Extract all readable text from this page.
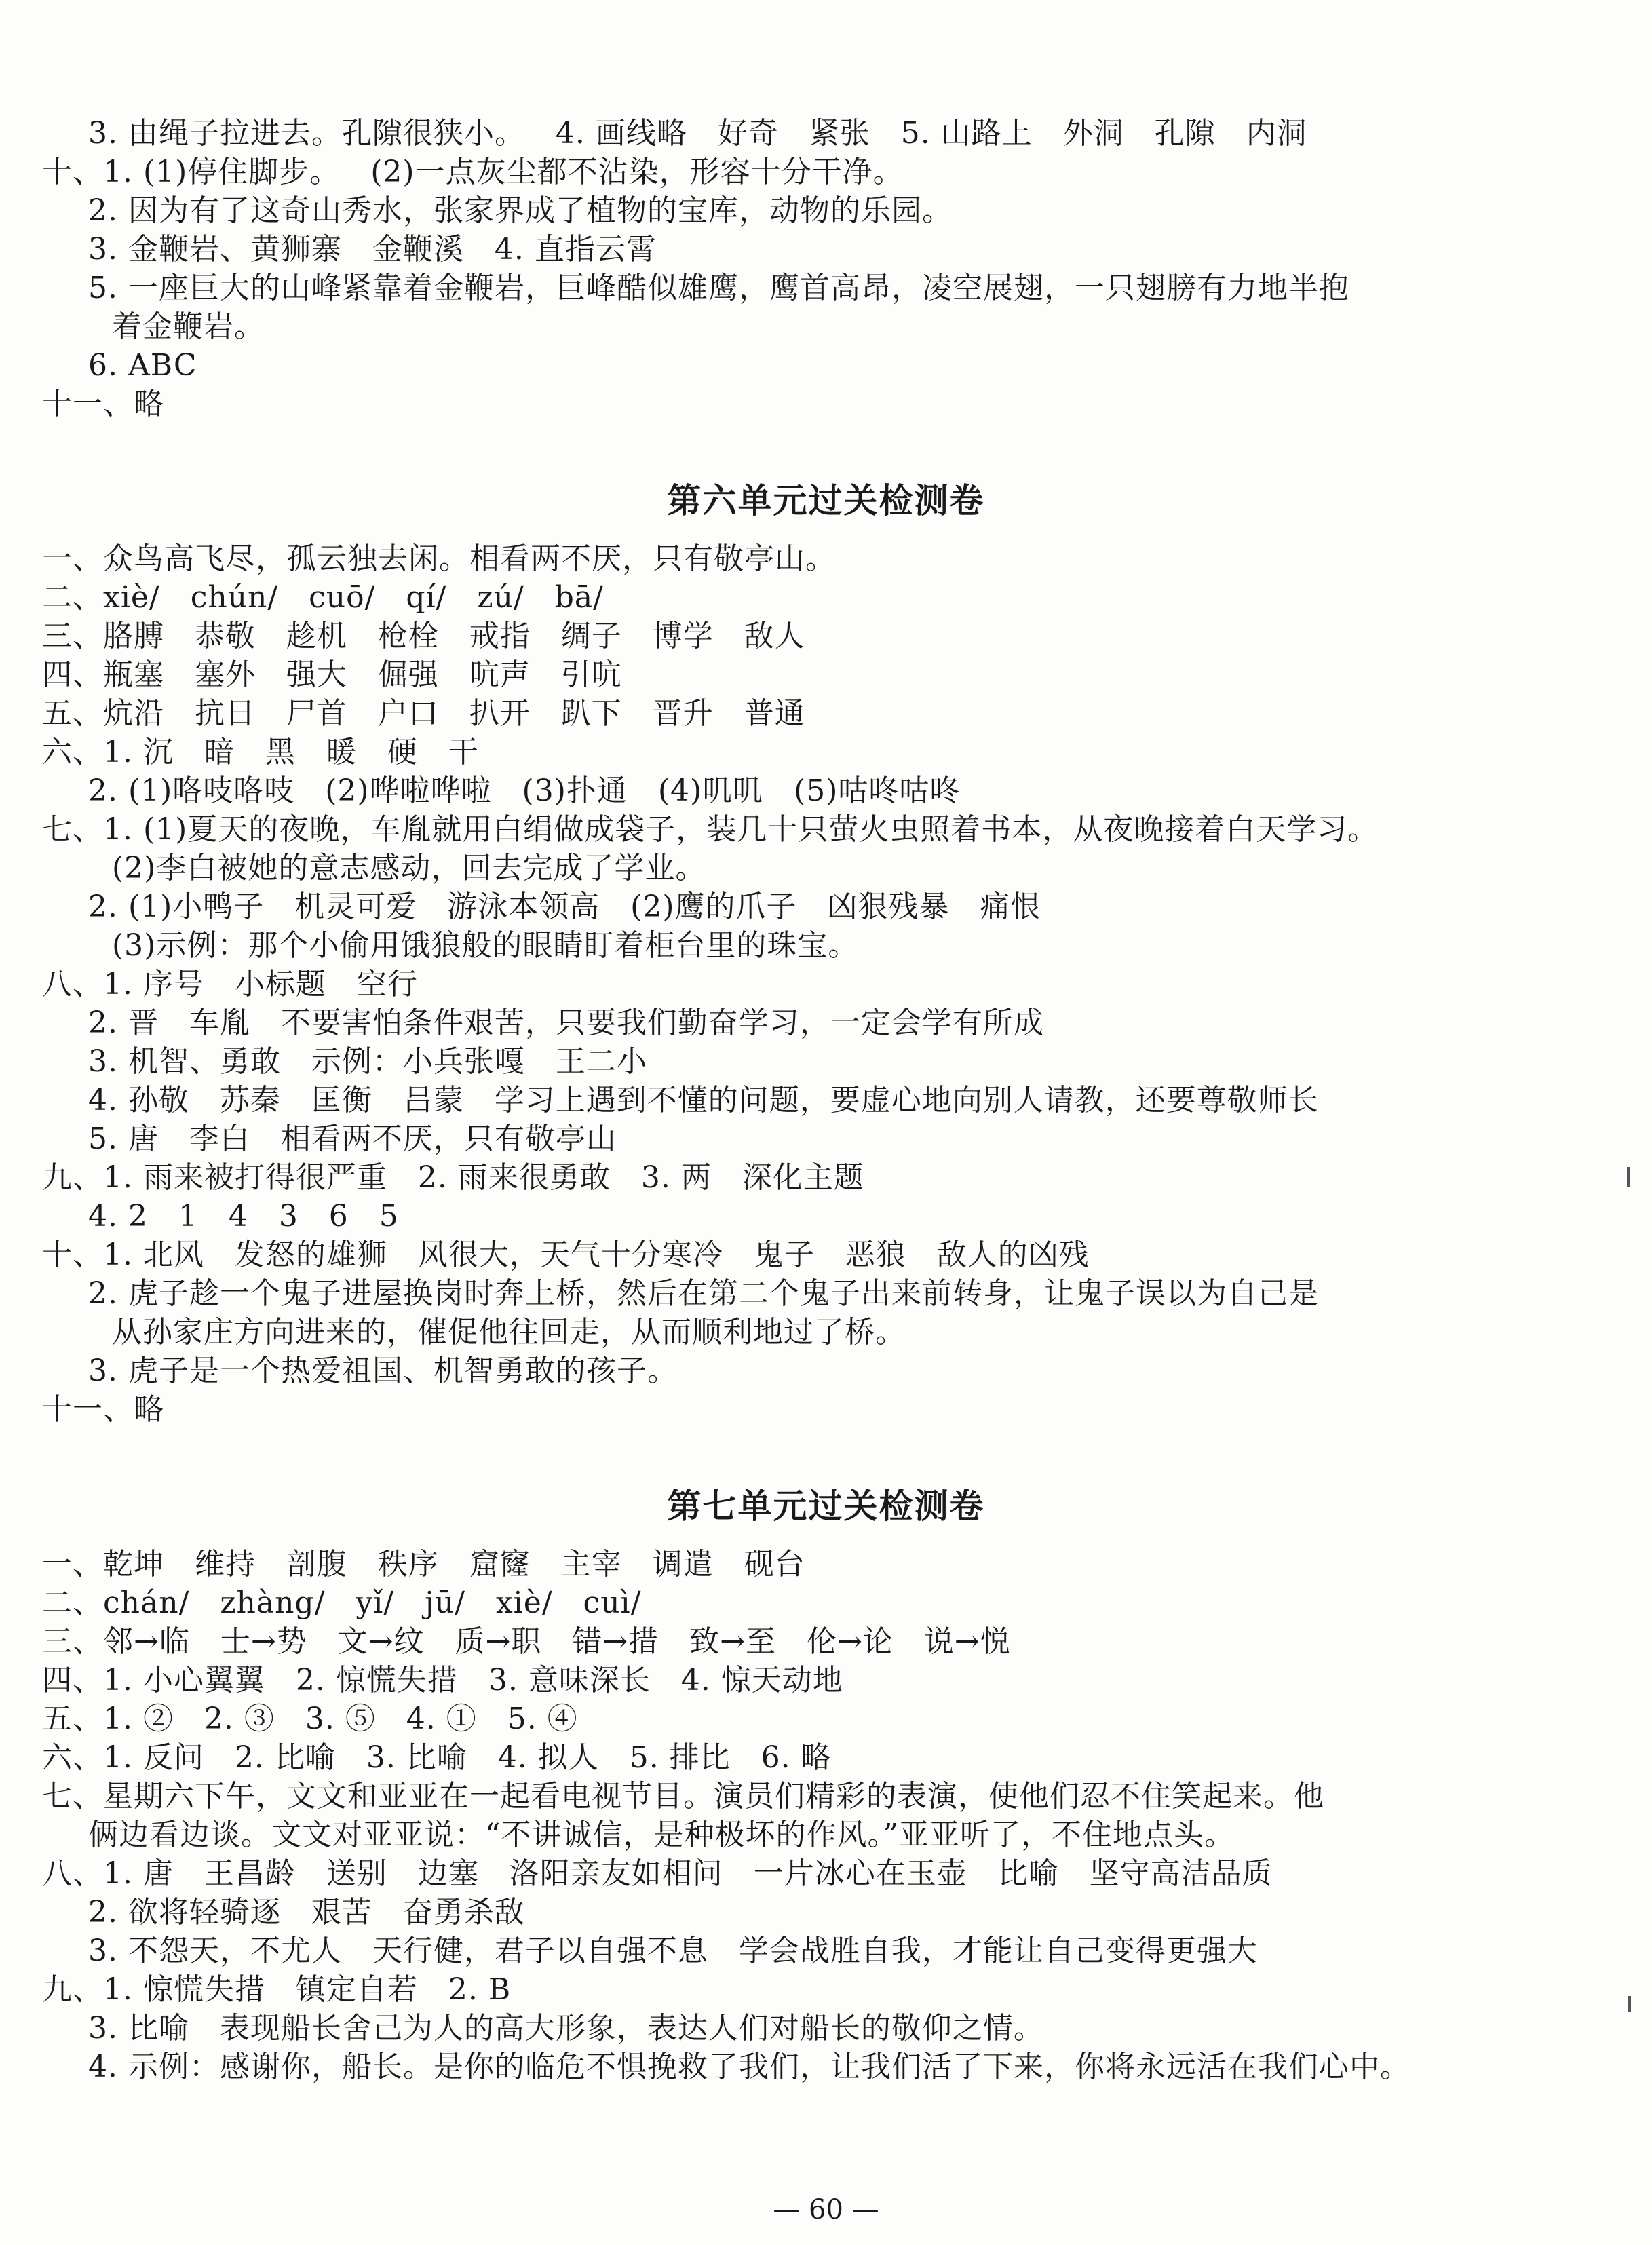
3. 由绳子拉进去。孔隙很狭小。   4. 画线略   好奇   紧张   5. 山路上   外洞   孔隙   内洞
十、1. (1)停住脚步。   (2)一点灰尘都不沾染，形容十分干净。
2. 因为有了这奇山秀水，张家界成了植物的宝库，动物的乐园。
3. 金鞭岩、黄狮寨   金鞭溪   4. 直指云霄
5. 一座巨大的山峰紧靠着金鞭岩，巨峰酷似雄鹰，鹰首高昂，凌空展翅，一只翅膀有力地半抱
着金鞭岩。
6. ABC
十一、略
第六单元过关检测卷
一、众鸟高飞尽，孤云独去闲。相看两不厌，只有敬亭山。
二、xiè/   chún/   cuō/   qí/   zú/   bā/
三、胳膊   恭敬   趁机   枪栓   戒指   绸子   博学   敌人
四、瓶塞   塞外   强大   倔强   吭声   引吭
五、炕沿   抗日   尸首   户口   扒开   趴下   晋升   普通
六、1. 沉   暗   黑   暖   硬   干
2. (1)咯吱咯吱   (2)哗啦哗啦   (3)扑通   (4)叽叽   (5)咕咚咕咚
七、1. (1)夏天的夜晚，车胤就用白绢做成袋子，装几十只萤火虫照着书本，从夜晚接着白天学习。
(2)李白被她的意志感动，回去完成了学业。
2. (1)小鸭子   机灵可爱   游泳本领高   (2)鹰的爪子   凶狠残暴   痛恨
(3)示例：那个小偷用饿狼般的眼睛盯着柜台里的珠宝。
八、1. 序号   小标题   空行
2. 晋   车胤   不要害怕条件艰苦，只要我们勤奋学习，一定会学有所成
3. 机智、勇敢   示例：小兵张嘎   王二小
4. 孙敬   苏秦   匡衡   吕蒙   学习上遇到不懂的问题，要虚心地向别人请教，还要尊敬师长
5. 唐   李白   相看两不厌，只有敬亭山
九、1. 雨来被打得很严重   2. 雨来很勇敢   3. 两   深化主题
4. 2   1   4   3   6   5
十、1. 北风   发怒的雄狮   风很大，天气十分寒冷   鬼子   恶狼   敌人的凶残
2. 虎子趁一个鬼子进屋换岗时奔上桥，然后在第二个鬼子出来前转身，让鬼子误以为自己是
从孙家庄方向进来的，催促他往回走，从而顺利地过了桥。
3. 虎子是一个热爱祖国、机智勇敢的孩子。
十一、略
第七单元过关检测卷
一、乾坤   维持   剖腹   秩序   窟窿   主宰   调遣   砚台
二、chán/   zhàng/   yǐ/   jū/   xiè/   cuì/
三、邻→临   士→势   文→纹   质→职   错→措   致→至   伦→论   说→悦
四、1. 小心翼翼   2. 惊慌失措   3. 意味深长   4. 惊天动地
五、1. ②   2. ③   3. ⑤   4. ①   5. ④
六、1. 反问   2. 比喻   3. 比喻   4. 拟人   5. 排比   6. 略
七、星期六下午，文文和亚亚在一起看电视节目。演员们精彩的表演，使他们忍不住笑起来。他
俩边看边谈。文文对亚亚说：“不讲诚信，是种极坏的作风。”亚亚听了，不住地点头。
八、1. 唐   王昌龄   送别   边塞   洛阳亲友如相问   一片冰心在玉壶   比喻   坚守高洁品质
2. 欲将轻骑逐   艰苦   奋勇杀敌
3. 不怨天，不尤人   天行健，君子以自强不息   学会战胜自我，才能让自己变得更强大
九、1. 惊慌失措   镇定自若   2. B
3. 比喻   表现船长舍己为人的高大形象，表达人们对船长的敬仰之情。
4. 示例：感谢你，船长。是你的临危不惧挽救了我们，让我们活了下来，你将永远活在我们心中。
— 60 —
